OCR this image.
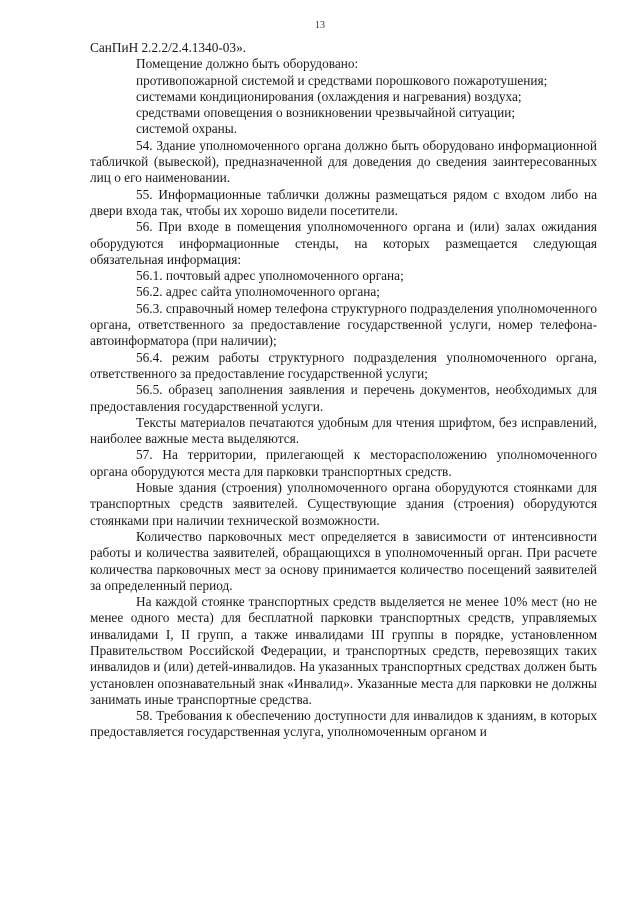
13

СанПиН 2.2.2/2.4.1340-03».

Помещение должно быть оборудовано:

противопожарной системой и средствами порошкового пожаротушения;

системами кондиционирования (охлаждения и нагревания) воздуха;

средствами оповещения о возникновении чрезвычайной ситуации;

системой охраны.

54. Здание уполномоченного органа должно быть оборудовано информационной табличкой (вывеской), предназначенной для доведения до сведения заинтересованных лиц о его наименовании.

55. Информационные таблички должны размещаться рядом с входом либо на двери входа так, чтобы их хорошо видели посетители.

56. При входе в помещения уполномоченного органа и (или) залах ожидания оборудуются информационные стенды, на которых размещается следующая обязательная информация:

56.1. почтовый адрес уполномоченного органа;

56.2. адрес сайта уполномоченного органа;

56.3. справочный номер телефона структурного подразделения уполномоченного органа, ответственного за предоставление государственной услуги, номер телефона-автоинформатора (при наличии);

56.4. режим работы структурного подразделения уполномоченного органа, ответственного за предоставление государственной услуги;

56.5. образец заполнения заявления и перечень документов, необходимых для предоставления государственной услуги.

Тексты материалов печатаются удобным для чтения шрифтом, без исправлений, наиболее важные места выделяются.

57. На территории, прилегающей к месторасположению уполномоченного органа оборудуются места для парковки транспортных средств.

Новые здания (строения) уполномоченного органа оборудуются стоянками для транспортных средств заявителей. Существующие здания (строения) оборудуются стоянками при наличии технической возможности.

Количество парковочных мест определяется в зависимости от интенсивности работы и количества заявителей, обращающихся в уполномоченный орган. При расчете количества парковочных мест за основу принимается количество посещений заявителей за определенный период.

На каждой стоянке транспортных средств выделяется не менее 10% мест (но не менее одного места) для бесплатной парковки транспортных средств, управляемых инвалидами I, II групп, а также инвалидами III группы в порядке, установленном Правительством Российской Федерации, и транспортных средств, перевозящих таких инвалидов и (или) детей-инвалидов. На указанных транспортных средствах должен быть установлен опознавательный знак «Инвалид». Указанные места для парковки не должны занимать иные транспортные средства.

58. Требования к обеспечению доступности для инвалидов к зданиям, в которых предоставляется государственная услуга, уполномоченным органом и
